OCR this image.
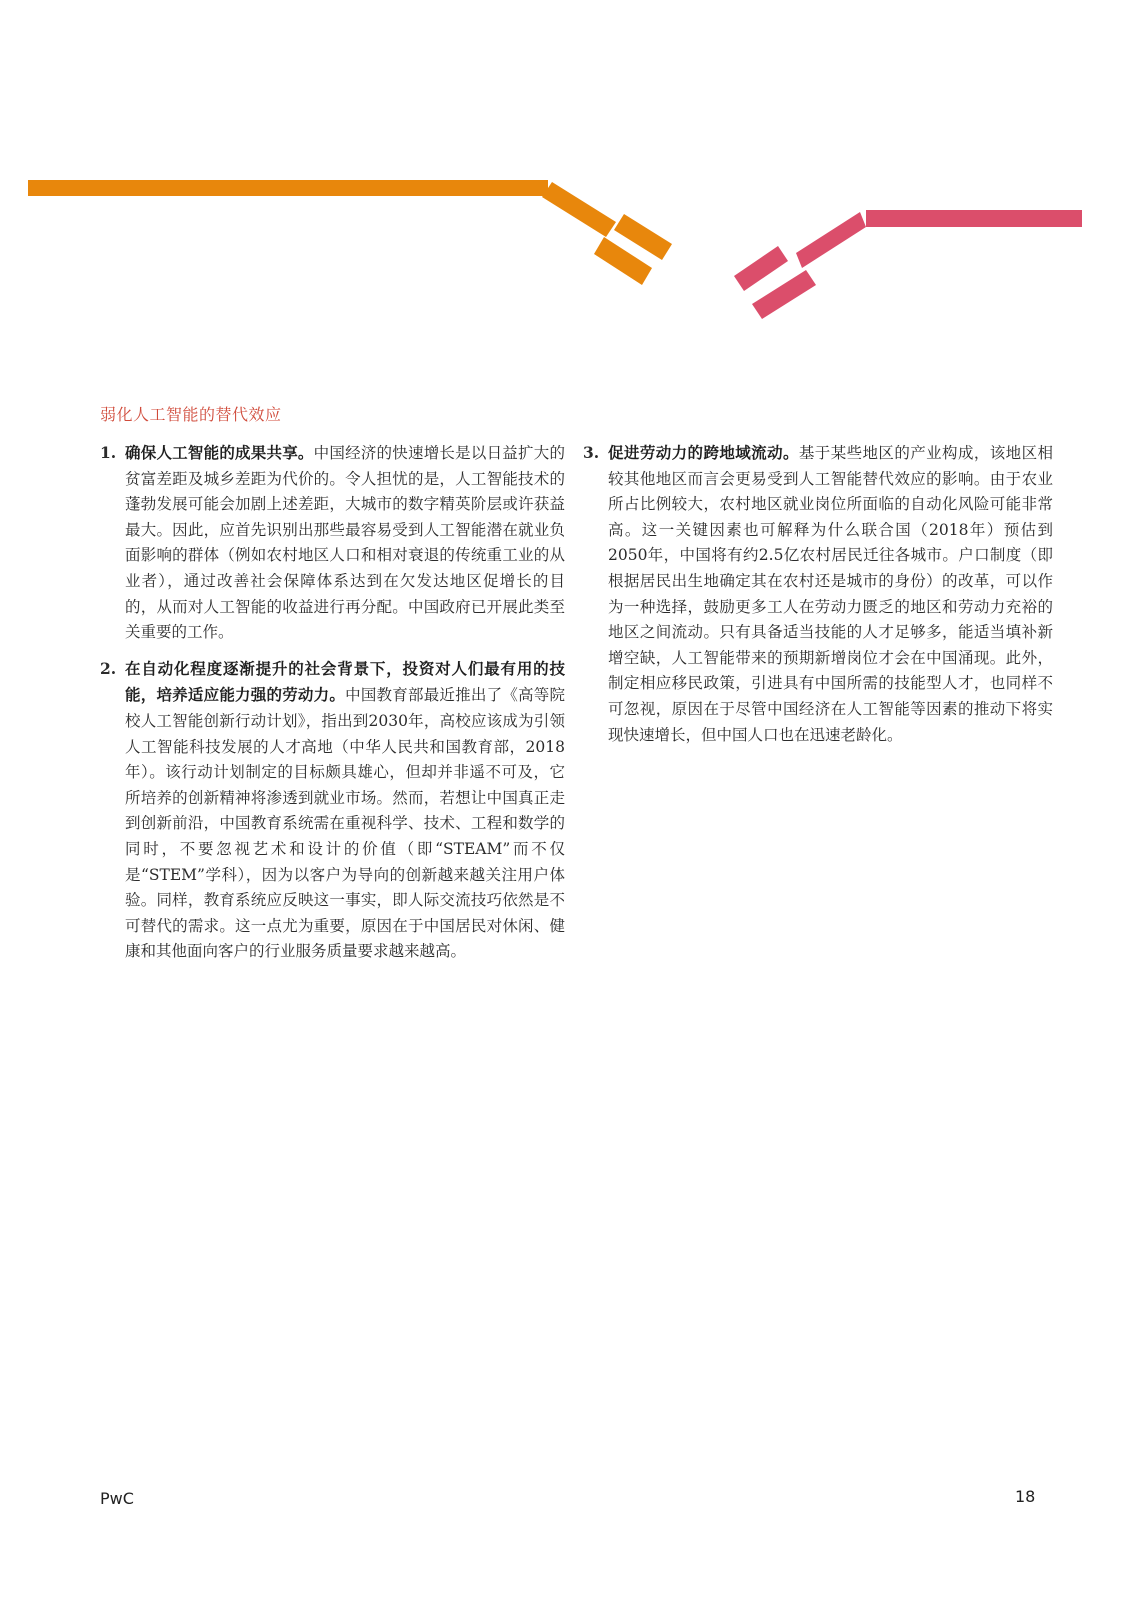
弱化人工智能的替代效应
1. 确保人工智能的成果共享。中国经济的快速增长是以日益扩大的贫富差距及城乡差距为代价的。令人担忧的是，人工智能技术的蓬勃发展可能会加剧上述差距，大城市的数字精英阶层或许获益最大。因此，应首先识别出那些最容易受到人工智能潜在就业负面影响的群体（例如农村地区人口和相对衰退的传统重工业的从业者），通过改善社会保障体系达到在欠发达地区促增长的目的，从而对人工智能的收益进行再分配。中国政府已开展此类至关重要的工作。
2. 在自动化程度逐渐提升的社会背景下，投资对人们最有用的技能，培养适应能力强的劳动力。中国教育部最近推出了《高等院校人工智能创新行动计划》，指出到2030年，高校应该成为引领人工智能科技发展的人才高地（中华人民共和国教育部，2018年）。该行动计划制定的目标颇具雄心，但却并非遥不可及，它所培养的创新精神将渗透到就业市场。然而，若想让中国真正走到创新前沿，中国教育系统需在重视科学、技术、工程和数学的同时，不要忽视艺术和设计的价值（即“STEAM”而不仅是“STEM”学科），因为以客户为导向的创新越来越关注用户体验。同样，教育系统应反映这一事实，即人际交流技巧依然是不可替代的需求。这一点尤为重要，原因在于中国居民对休闲、健康和其他面向客户的行业服务质量要求越来越高。
3. 促进劳动力的跨地域流动。基于某些地区的产业构成，该地区相较其他地区而言会更易受到人工智能替代效应的影响。由于农业所占比例较大，农村地区就业岗位所面临的自动化风险可能非常高。这一关键因素也可解释为什么联合国（2018年）预估到2050年，中国将有约2.5亿农村居民迁往各城市。户口制度（即根据居民出生地确定其在农村还是城市的身份）的改革，可以作为一种选择，鼓励更多工人在劳动力匮乏的地区和劳动力充裕的地区之间流动。只有具备适当技能的人才足够多，能适当填补新增空缺，人工智能带来的预期新增岗位才会在中国涌现。此外，制定相应移民政策，引进具有中国所需的技能型人才，也同样不可忽视，原因在于尽管中国经济在人工智能等因素的推动下将实现快速增长，但中国人口也在迅速老龄化。
PwC	18
